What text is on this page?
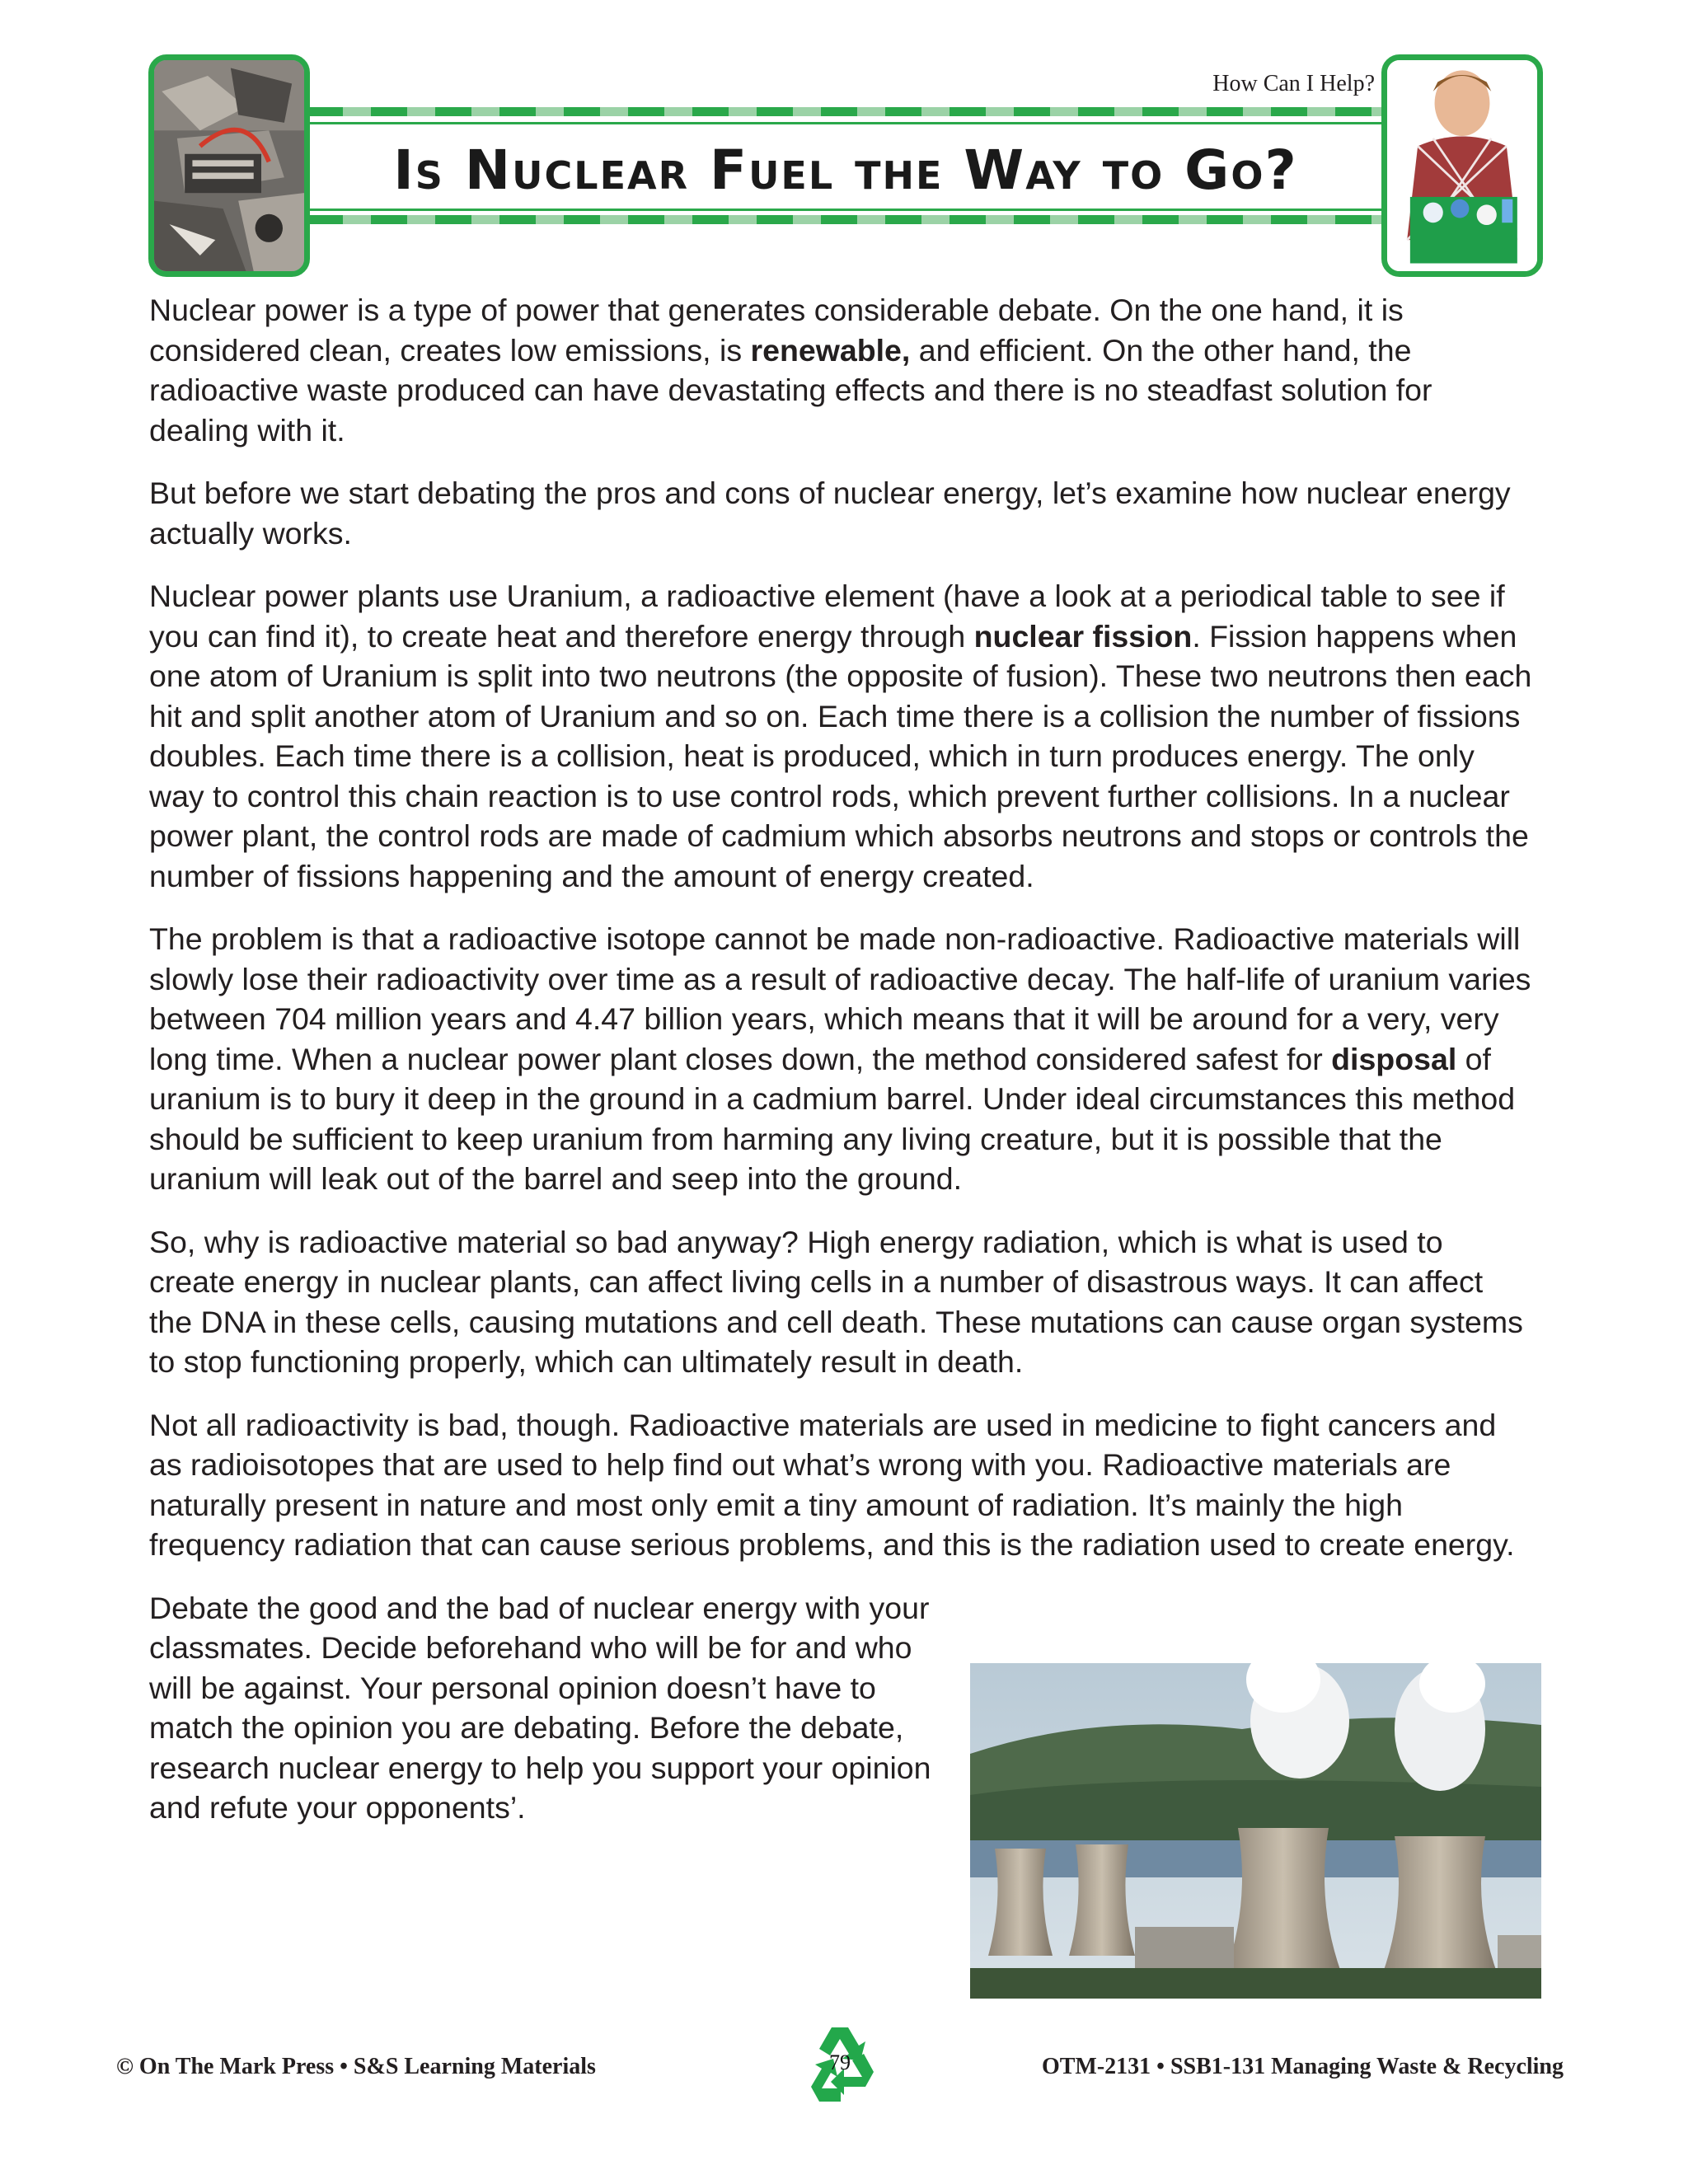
How Can I Help?
Is Nuclear Fuel the Way to Go?

Nuclear power is a type of power that generates considerable debate. On the one hand, it is considered clean, creates low emissions, is renewable, and efficient. On the other hand, the radioactive waste produced can have devastating effects and there is no steadfast solution for dealing with it.

But before we start debating the pros and cons of nuclear energy, let’s examine how nuclear energy actually works.

Nuclear power plants use Uranium, a radioactive element (have a look at a periodical table to see if you can find it), to create heat and therefore energy through nuclear fission. Fission happens when one atom of Uranium is split into two neutrons (the opposite of fusion). These two neutrons then each hit and split another atom of Uranium and so on. Each time there is a collision the number of fissions doubles. Each time there is a collision, heat is produced, which in turn produces energy. The only way to control this chain reaction is to use control rods, which prevent further collisions. In a nuclear power plant, the control rods are made of cadmium which absorbs neutrons and stops or controls the number of fissions happening and the amount of energy created.

The problem is that a radioactive isotope cannot be made non-radioactive. Radioactive materials will slowly lose their radioactivity over time as a result of radioactive decay. The half-life of uranium varies between 704 million years and 4.47 billion years, which means that it will be around for a very, very long time. When a nuclear power plant closes down, the method considered safest for disposal of uranium is to bury it deep in the ground in a cadmium barrel. Under ideal circumstances this method should be sufficient to keep uranium from harming any living creature, but it is possible that the uranium will leak out of the barrel and seep into the ground.

So, why is radioactive material so bad anyway? High energy radiation, which is what is used to create energy in nuclear plants, can affect living cells in a number of disastrous ways. It can affect the DNA in these cells, causing mutations and cell death. These mutations can cause organ systems to stop functioning properly, which can ultimately result in death.

Not all radioactivity is bad, though. Radioactive materials are used in medicine to fight cancers and as radioisotopes that are used to help find out what’s wrong with you. Radioactive materials are naturally present in nature and most only emit a tiny amount of radiation. It’s mainly the high frequency radiation that can cause serious problems, and this is the radiation used to create energy.

Debate the good and the bad of nuclear energy with your classmates. Decide beforehand who will be for and who will be against. Your personal opinion doesn’t have to match the opinion you are debating. Before the debate, research nuclear energy to help you support your opinion and refute your opponents’.

© On The Mark Press • S&S Learning Materials	79	OTM-2131 • SSB1-131 Managing Waste & Recycling
